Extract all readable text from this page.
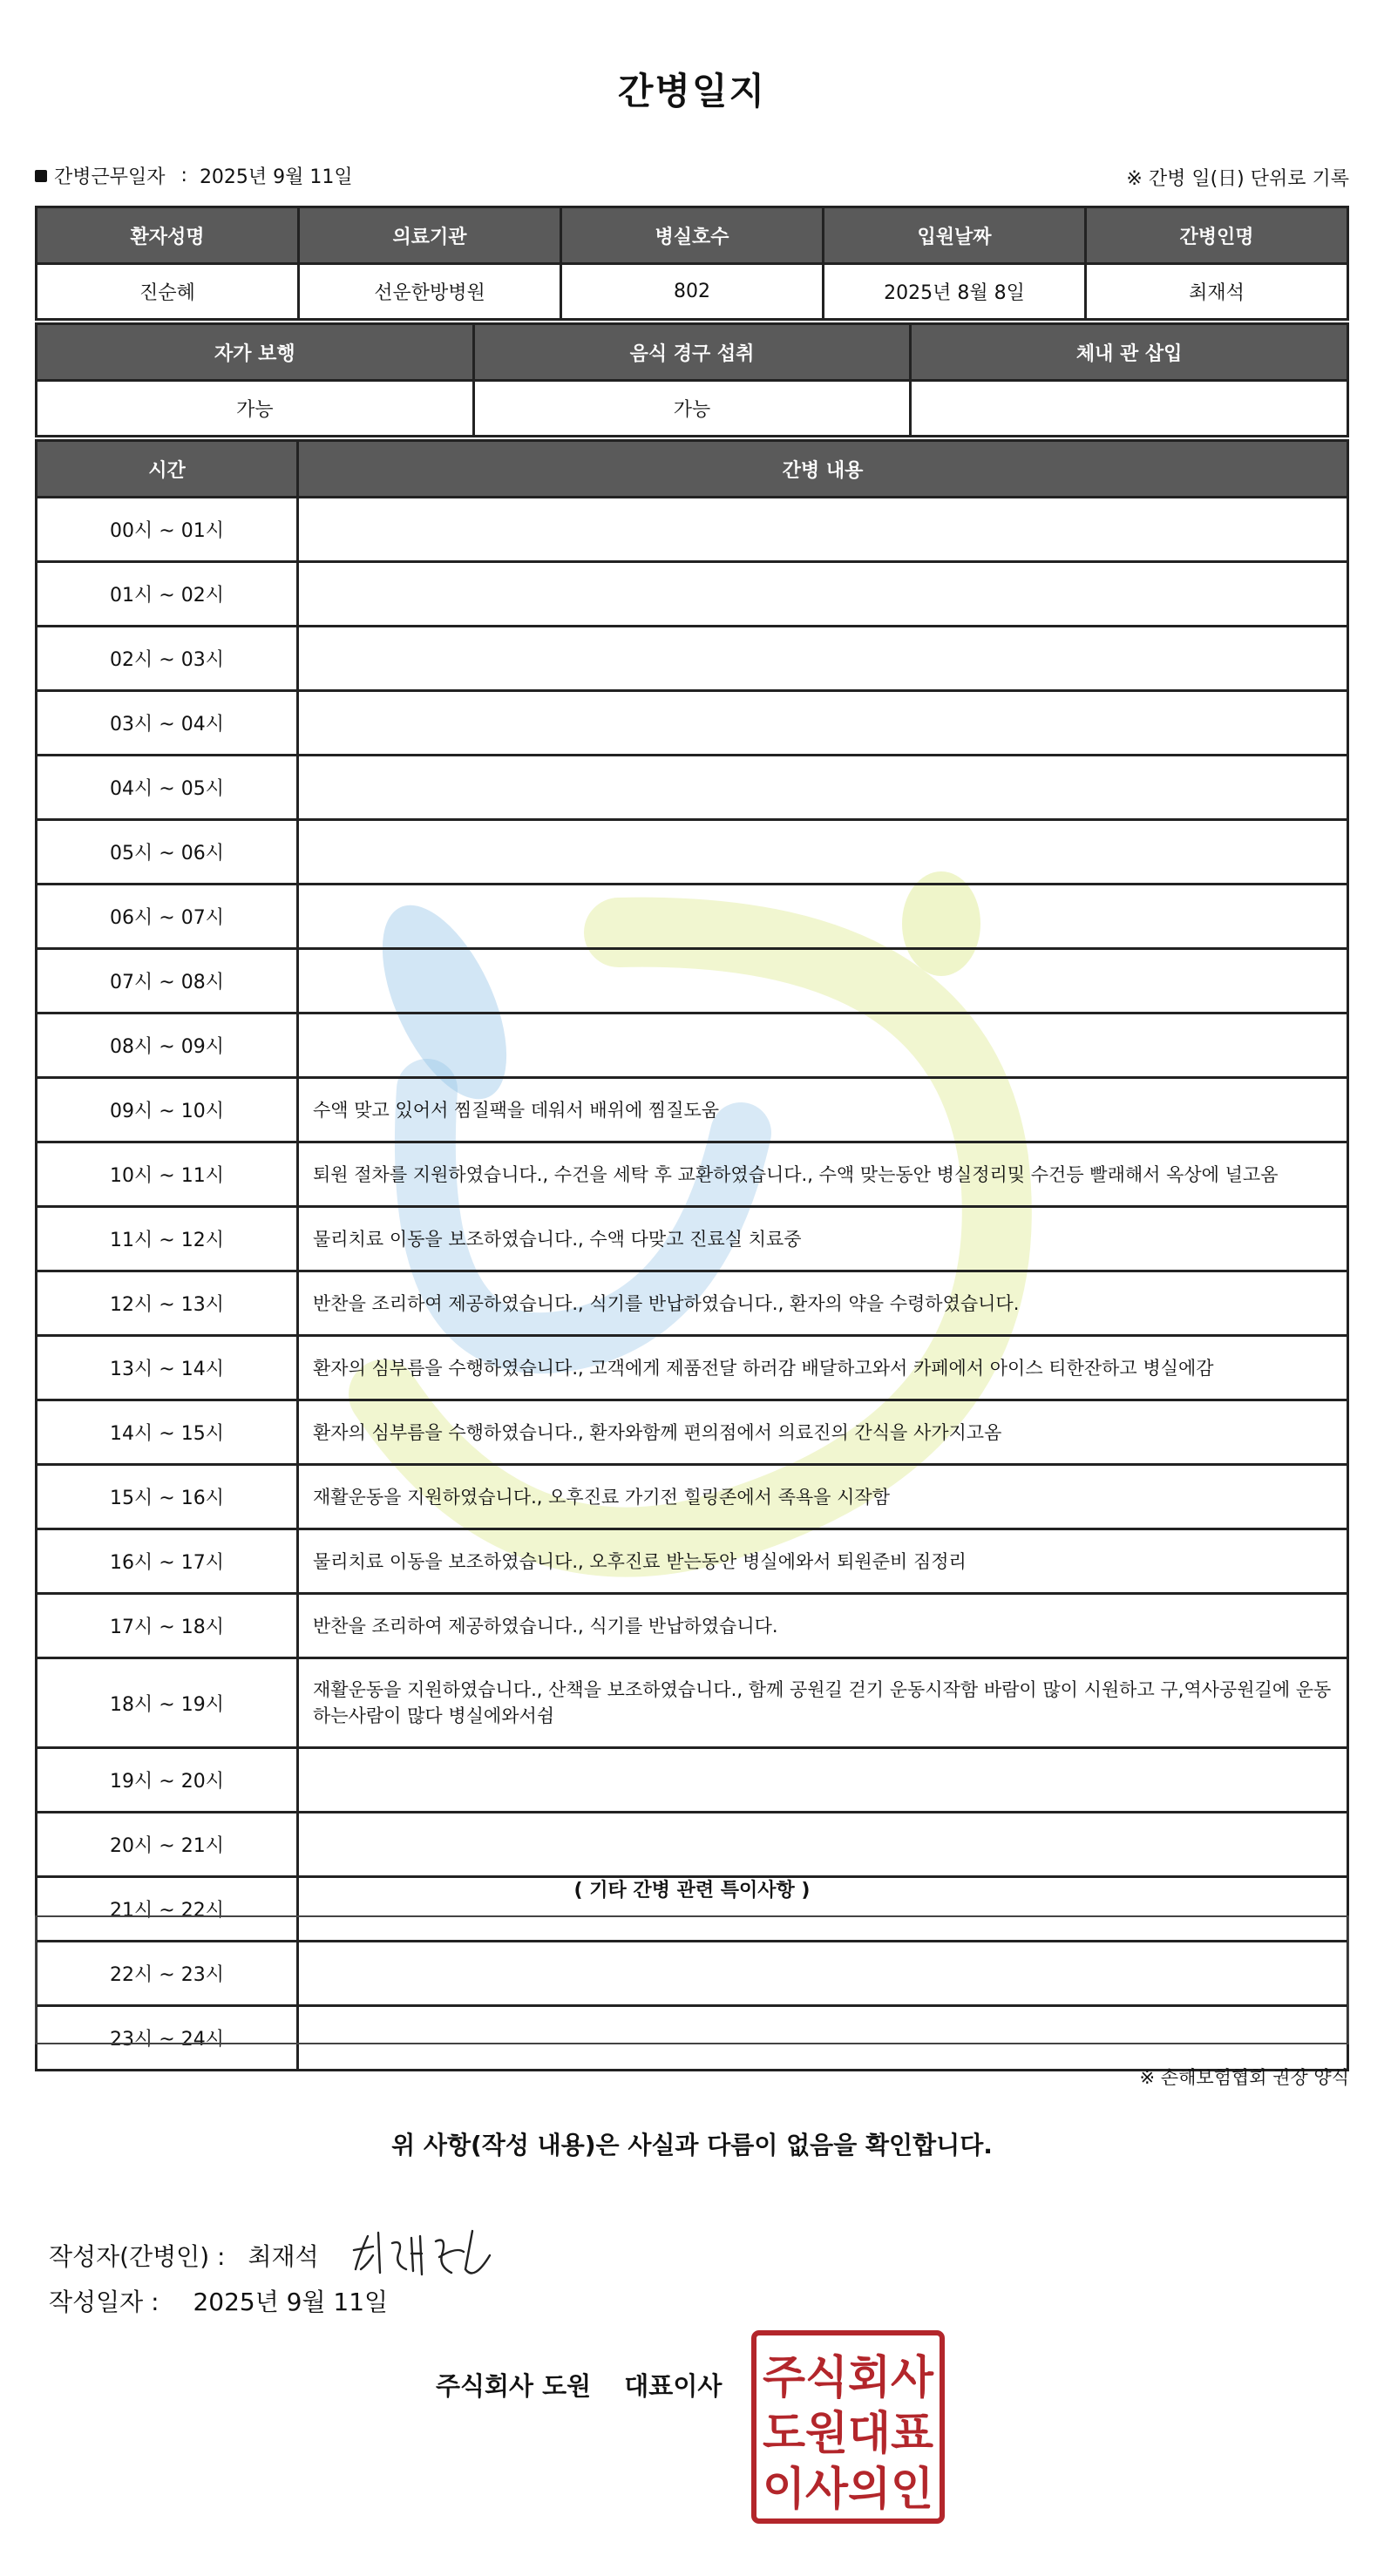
간병일지
간병근무일자 : 2025년 9월 11일	※ 간병 일(日) 단위로 기록
환자성명	의료기관	병실호수	입원날짜	간병인명
진순혜	선운한방병원	802	2025년 8월 8일	최재석
자가 보행	음식 경구 섭취	체내 관 삽입
가능	가능	
시간	간병 내용
00시 ~ 01시	
01시 ~ 02시	
02시 ~ 03시	
03시 ~ 04시	
04시 ~ 05시	
05시 ~ 06시	
06시 ~ 07시	
07시 ~ 08시	
08시 ~ 09시	
09시 ~ 10시	수액 맞고 있어서 찜질팩을 데워서 배위에 찜질도움
10시 ~ 11시	퇴원 절차를 지원하였습니다., 수건을 세탁 후 교환하였습니다., 수액 맞는동안 병실정리및 수건등 빨래해서 옥상에 널고옴
11시 ~ 12시	물리치료 이동을 보조하였습니다., 수액 다맞고 진료실 치료중
12시 ~ 13시	반찬을 조리하여 제공하였습니다., 식기를 반납하였습니다., 환자의 약을 수령하였습니다.
13시 ~ 14시	환자의 심부름을 수행하였습니다., 고객에게 제품전달 하러감 배달하고와서 카페에서 아이스 티한잔하고 병실에감
14시 ~ 15시	환자의 심부름을 수행하였습니다., 환자와함께 편의점에서 의료진의 간식을 사가지고옴
15시 ~ 16시	재활운동을 지원하였습니다., 오후진료 가기전 힐링존에서 족욕을 시작함
16시 ~ 17시	물리치료 이동을 보조하였습니다., 오후진료 받는동안 병실에와서 퇴원준비 짐정리
17시 ~ 18시	반찬을 조리하여 제공하였습니다., 식기를 반납하였습니다.
18시 ~ 19시	재활운동을 지원하였습니다., 산책을 보조하였습니다., 함께 공원길 걷기 운동시작함 바람이 많이 시원하고 구,역사공원길에 운동하는사람이 많다 병실에와서쉼
19시 ~ 20시	
20시 ~ 21시	
21시 ~ 22시	
22시 ~ 23시	
23시 ~ 24시	
( 기타 간병 관련 특이사항 )
※ 손해보험협회 권장 양식
위 사항(작성 내용)은 사실과 다름이 없음을 확인합니다.
작성자(간병인) : 최재석
작성일자 : 2025년 9월 11일
주식회사 도원 대표이사 주식회사
도원대표
이사의인
